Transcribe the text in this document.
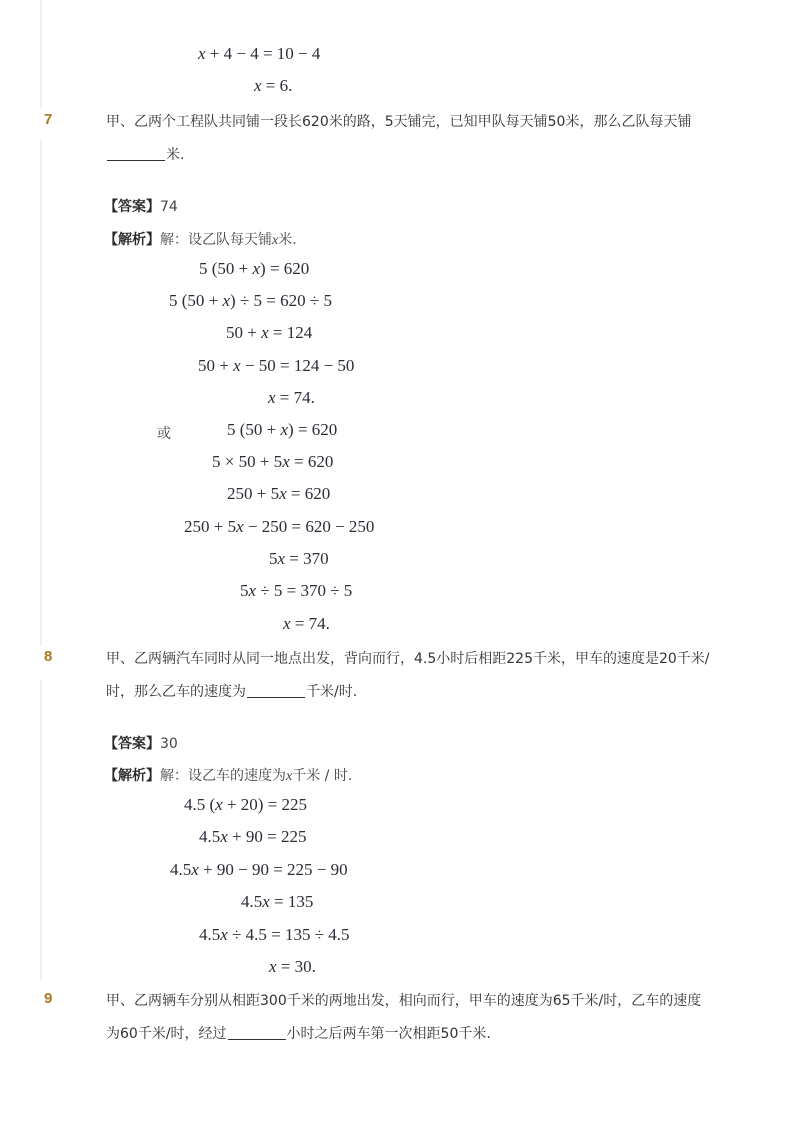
x + 4 − 4 = 10 − 4
x = 6.
7	甲、乙两个工程队共同铺一段长620米的路，5天铺完，已知甲队每天铺50米，那么乙队每天铺
米.
【答案】74
【解析】解：设乙队每天铺x米.
5 (50 + x) = 620
5 (50 + x) ÷ 5 = 620 ÷ 5
50 + x = 124
50 + x − 50 = 124 − 50
x = 74.
或	5 (50 + x) = 620
5 × 50 + 5x = 620
250 + 5x = 620
250 + 5x − 250 = 620 − 250
5x = 370
5x ÷ 5 = 370 ÷ 5
x = 74.
8	甲、乙两辆汽车同时从同一地点出发，背向而行，4.5小时后相距225千米，甲车的速度是20千米/
时，那么乙车的速度为	千米/时.
【答案】30
【解析】解：设乙车的速度为x千米 / 时.
4.5 (x + 20) = 225
4.5x + 90 = 225
4.5x + 90 − 90 = 225 − 90
4.5x = 135
4.5x ÷ 4.5 = 135 ÷ 4.5
x = 30.
9	甲、乙两辆车分别从相距300千米的两地出发，相向而行，甲车的速度为65千米/时，乙车的速度
为60千米/时，经过	小时之后两车第一次相距50千米.
